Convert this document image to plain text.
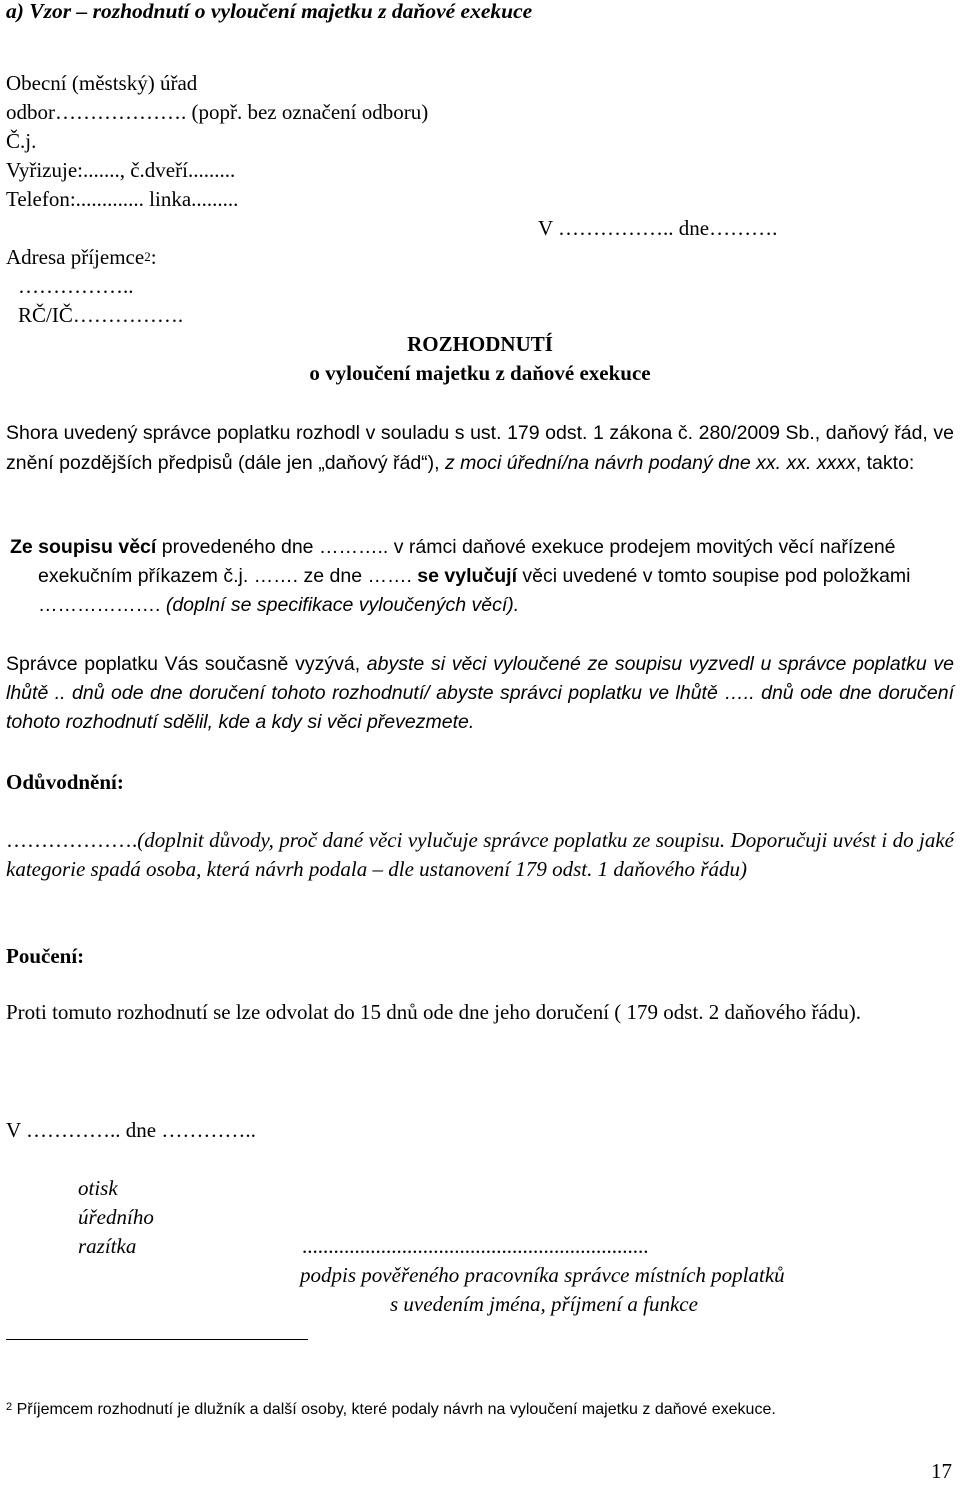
a) Vzor – rozhodnutí o vyloučení majetku z daňové exekuce
Obecní (městský) úřad
odbor………………. (popř. bez označení odboru)
Č.j.
Vyřizuje:......., č.dveří.........
Telefon:............. linka.........
V …………….. dne……….
Adresa příjemce$^2$:
……………..
RČ/IČ…………….
ROZHODNUTÍ
o vyloučení majetku z daňové exekuce
Shora uvedený správce poplatku rozhodl v souladu s ust. 179 odst. 1 zákona č. 280/2009 Sb., daňový řád, ve znění pozdějších předpisů (dále jen „daňový řád“), z moci úřední/na návrh podaný dne xx. xx. xxxx, takto:
Ze soupisu věcí provedeného dne ……….. v rámci daňové exekuce prodejem movitých věcí nařízené exekučním příkazem č.j. ……. ze dne ……. se vylučují věci uvedené v tomto soupise pod položkami ………………. (doplní se specifikace vyloučených věcí).
Správce poplatku Vás současně vyzývá, abyste si věci vyloučené ze soupisu vyzvedl u správce poplatku ve lhůtě .. dnů ode dne doručení tohoto rozhodnutí/ abyste správci poplatku ve lhůtě ….. dnů ode dne doručení tohoto rozhodnutí sdělil, kde a kdy si věci převezmete.
Odůvodnění:
……………….(doplnit důvody, proč dané věci vylučuje správce poplatku ze soupisu. Doporučuji uvést i do jaké kategorie spadá osoba, která návrh podala – dle ustanovení 179 odst. 1 daňového řádu)
Poučení:
Proti tomuto rozhodnutí se lze odvolat do 15 dnů ode dne jeho doručení ( 179 odst. 2 daňového řádu).
V ………….. dne …………..
otisk
úředního
razítka	..................................................................
podpis pověřeného pracovníka správce místních poplatků
s uvedením jména, příjmení a funkce
$^2$ Příjemcem rozhodnutí je dlužník a další osoby, které podaly návrh na vyloučení majetku z daňové exekuce.
17
